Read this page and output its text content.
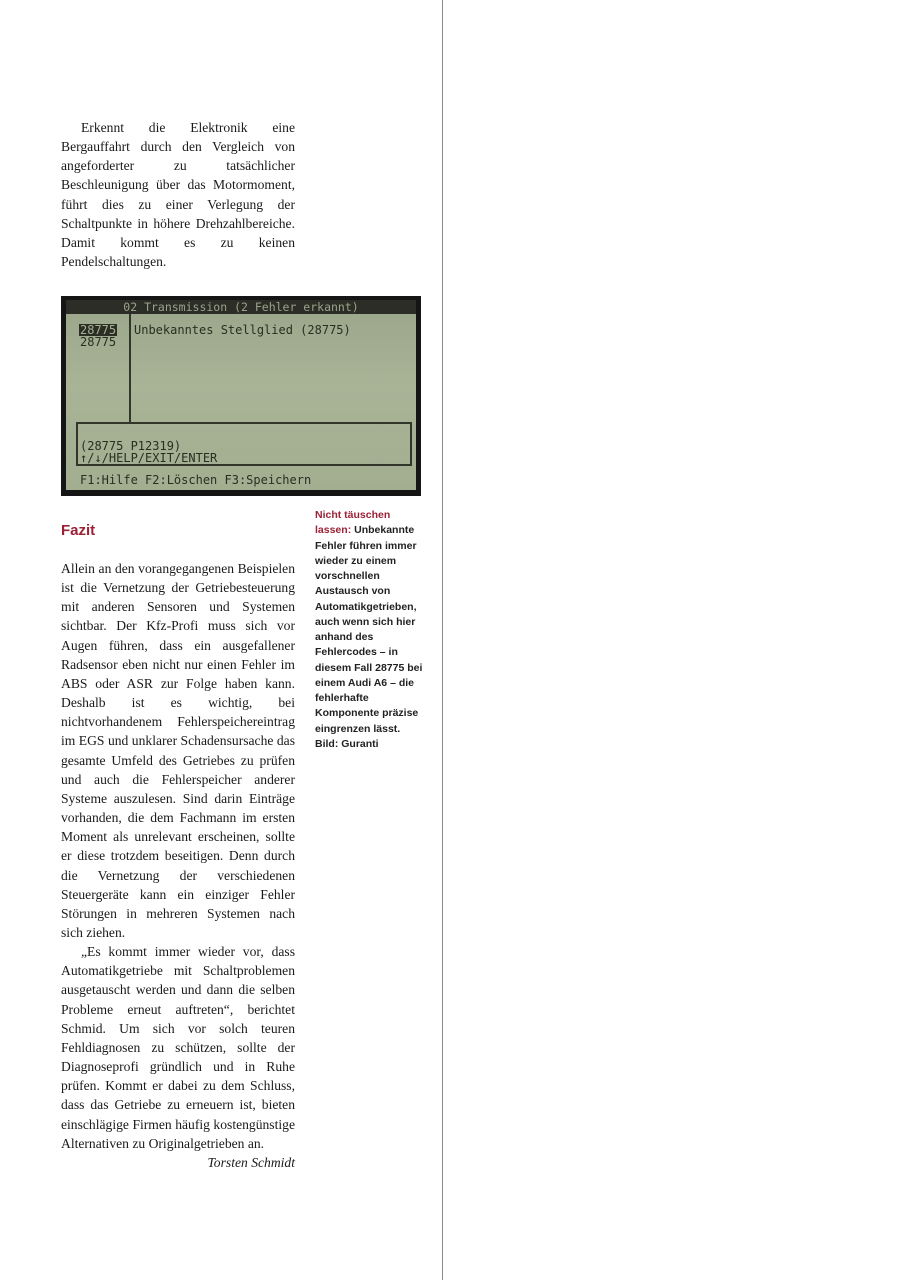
Erkennt die Elektronik eine Bergauffahrt durch den Vergleich von angeforderter zu tatsächlicher Beschleunigung über das Motormoment, führt dies zu einer Verlegung der Schaltpunkte in höhere Drehzahlbereiche. Damit kommt es zu keinen Pendelschaltungen.

02 Transmission (2 Fehler erkannt)
28775
28775
Unbekanntes Stellglied (28775)
(28775 P12319)
↑/↓/HELP/EXIT/ENTER
F1:Hilfe F2:Löschen F3:Speichern
Nicht täuschen lassen: Unbekannte Fehler führen immer wieder zu einem vorschnellen Austausch von Automatikgetrieben, auch wenn sich hier anhand des Fehlercodes – in diesem Fall 28775 bei einem Audi A6 – die fehlerhafte Komponente präzise eingrenzen lässt. Bild: Guranti
Fazit

Allein an den vorangegangenen Beispielen ist die Vernetzung der Getriebesteuerung mit anderen Sensoren und Systemen sichtbar. Der Kfz-Profi muss sich vor Augen führen, dass ein ausgefallener Radsensor eben nicht nur einen Fehler im ABS oder ASR zur Folge haben kann. Deshalb ist es wichtig, bei nichtvorhandenem Fehlerspeichereintrag im EGS und unklarer Schadensursache das gesamte Umfeld des Getriebes zu prüfen und auch die Fehlerspeicher anderer Systeme auszulesen. Sind darin Einträge vorhanden, die dem Fachmann im ersten Moment als unrelevant erscheinen, sollte er diese trotzdem beseitigen. Denn durch die Vernetzung der verschiedenen Steuergeräte kann ein einziger Fehler Störungen in mehreren Systemen nach sich ziehen.

„Es kommt immer wieder vor, dass Automatikgetriebe mit Schaltproblemen ausgetauscht werden und dann die selben Probleme erneut auftreten“, berichtet Schmid. Um sich vor solch teuren Fehldiagnosen zu schützen, sollte der Diagnoseprofi gründlich und in Ruhe prüfen. Kommt er dabei zu dem Schluss, dass das Getriebe zu erneuern ist, bieten einschlägige Firmen häufig kostengünstige Alternativen zu Originalgetrieben an.
Torsten Schmidt
